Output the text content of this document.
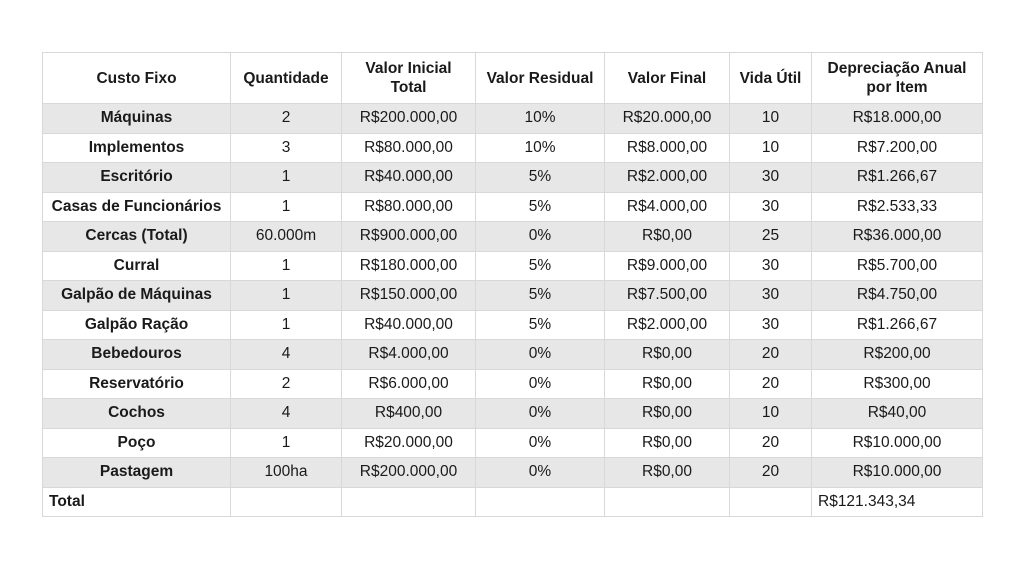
Custo Fixo	Quantidade	Valor Inicial Total	Valor Residual	Valor Final	Vida Útil	Depreciação Anual por Item
Máquinas	2	R$200.000,00	10%	R$20.000,00	10	R$18.000,00
Implementos	3	R$80.000,00	10%	R$8.000,00	10	R$7.200,00
Escritório	1	R$40.000,00	5%	R$2.000,00	30	R$1.266,67
Casas de Funcionários	1	R$80.000,00	5%	R$4.000,00	30	R$2.533,33
Cercas (Total)	60.000m	R$900.000,00	0%	R$0,00	25	R$36.000,00
Curral	1	R$180.000,00	5%	R$9.000,00	30	R$5.700,00
Galpão de Máquinas	1	R$150.000,00	5%	R$7.500,00	30	R$4.750,00
Galpão Ração	1	R$40.000,00	5%	R$2.000,00	30	R$1.266,67
Bebedouros	4	R$4.000,00	0%	R$0,00	20	R$200,00
Reservatório	2	R$6.000,00	0%	R$0,00	20	R$300,00
Cochos	4	R$400,00	0%	R$0,00	10	R$40,00
Poço	1	R$20.000,00	0%	R$0,00	20	R$10.000,00
Pastagem	100ha	R$200.000,00	0%	R$0,00	20	R$10.000,00
Total						R$121.343,34
